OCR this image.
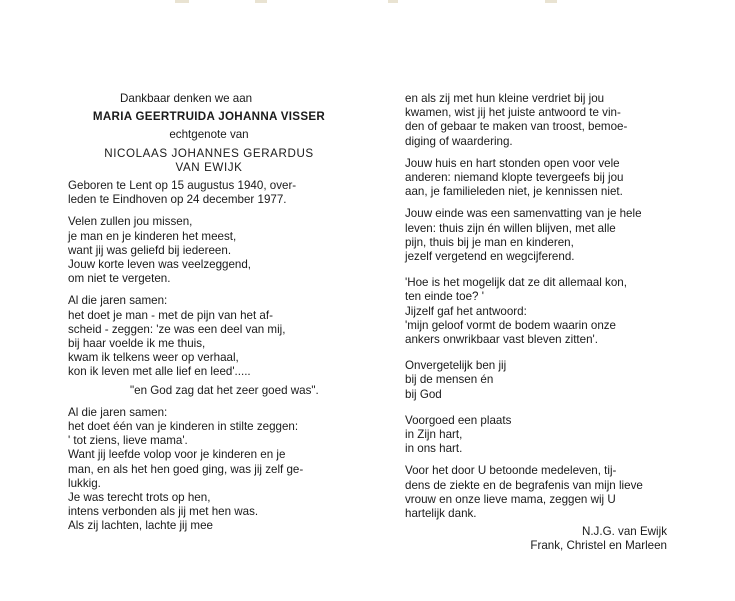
Dankbaar denken we aan
MARIA GEERTRUIDA JOHANNA VISSER
echtgenote van
NICOLAAS JOHANNES GERARDUS
VAN EWIJK
Geboren te Lent op 15 augustus 1940, over-
leden te Eindhoven op 24 december 1977.
Velen zullen jou missen,
je man en je kinderen het meest,
want jij was geliefd bij iedereen.
Jouw korte leven was veelzeggend,
om niet te vergeten.
Al die jaren samen:
het doet je man - met de pijn van het af-
scheid - zeggen: 'ze was een deel van mij,
bij haar voelde ik me thuis,
kwam ik telkens weer op verhaal,
kon ik leven met alle lief en leed'.....
"en God zag dat het zeer goed was".
Al die jaren samen:
het doet één van je kinderen in stilte zeggen:
' tot ziens, lieve mama'.
Want jij leefde volop voor je kinderen en je
man, en als het hen goed ging, was jij zelf ge-
lukkig.
Je was terecht trots op hen,
intens verbonden als jij met hen was.
Als zij lachten, lachte jij mee
en als zij met hun kleine verdriet bij jou
kwamen, wist jij het juiste antwoord te vin-
den of gebaar te maken van troost, bemoe-
diging of waardering.
Jouw huis en hart stonden open voor vele
anderen: niemand klopte tevergeefs bij jou
aan, je familieleden niet, je kennissen niet.
Jouw einde was een samenvatting van je hele
leven: thuis zijn én willen blijven, met alle
pijn, thuis bij je man en kinderen,
jezelf vergetend en wegcijferend.
'Hoe is het mogelijk dat ze dit allemaal kon,
ten einde toe? '
Jijzelf gaf het antwoord:
'mijn geloof vormt de bodem waarin onze
ankers onwrikbaar vast bleven zitten'.
Onvergetelijk ben jij
bij de mensen én
bij God
Voorgoed een plaats
in Zijn hart,
in ons hart.
Voor het door U betoonde medeleven, tij-
dens de ziekte en de begrafenis van mijn lieve
vrouw en onze lieve mama, zeggen wij U
hartelijk dank.
N.J.G. van Ewijk
Frank, Christel en Marleen
